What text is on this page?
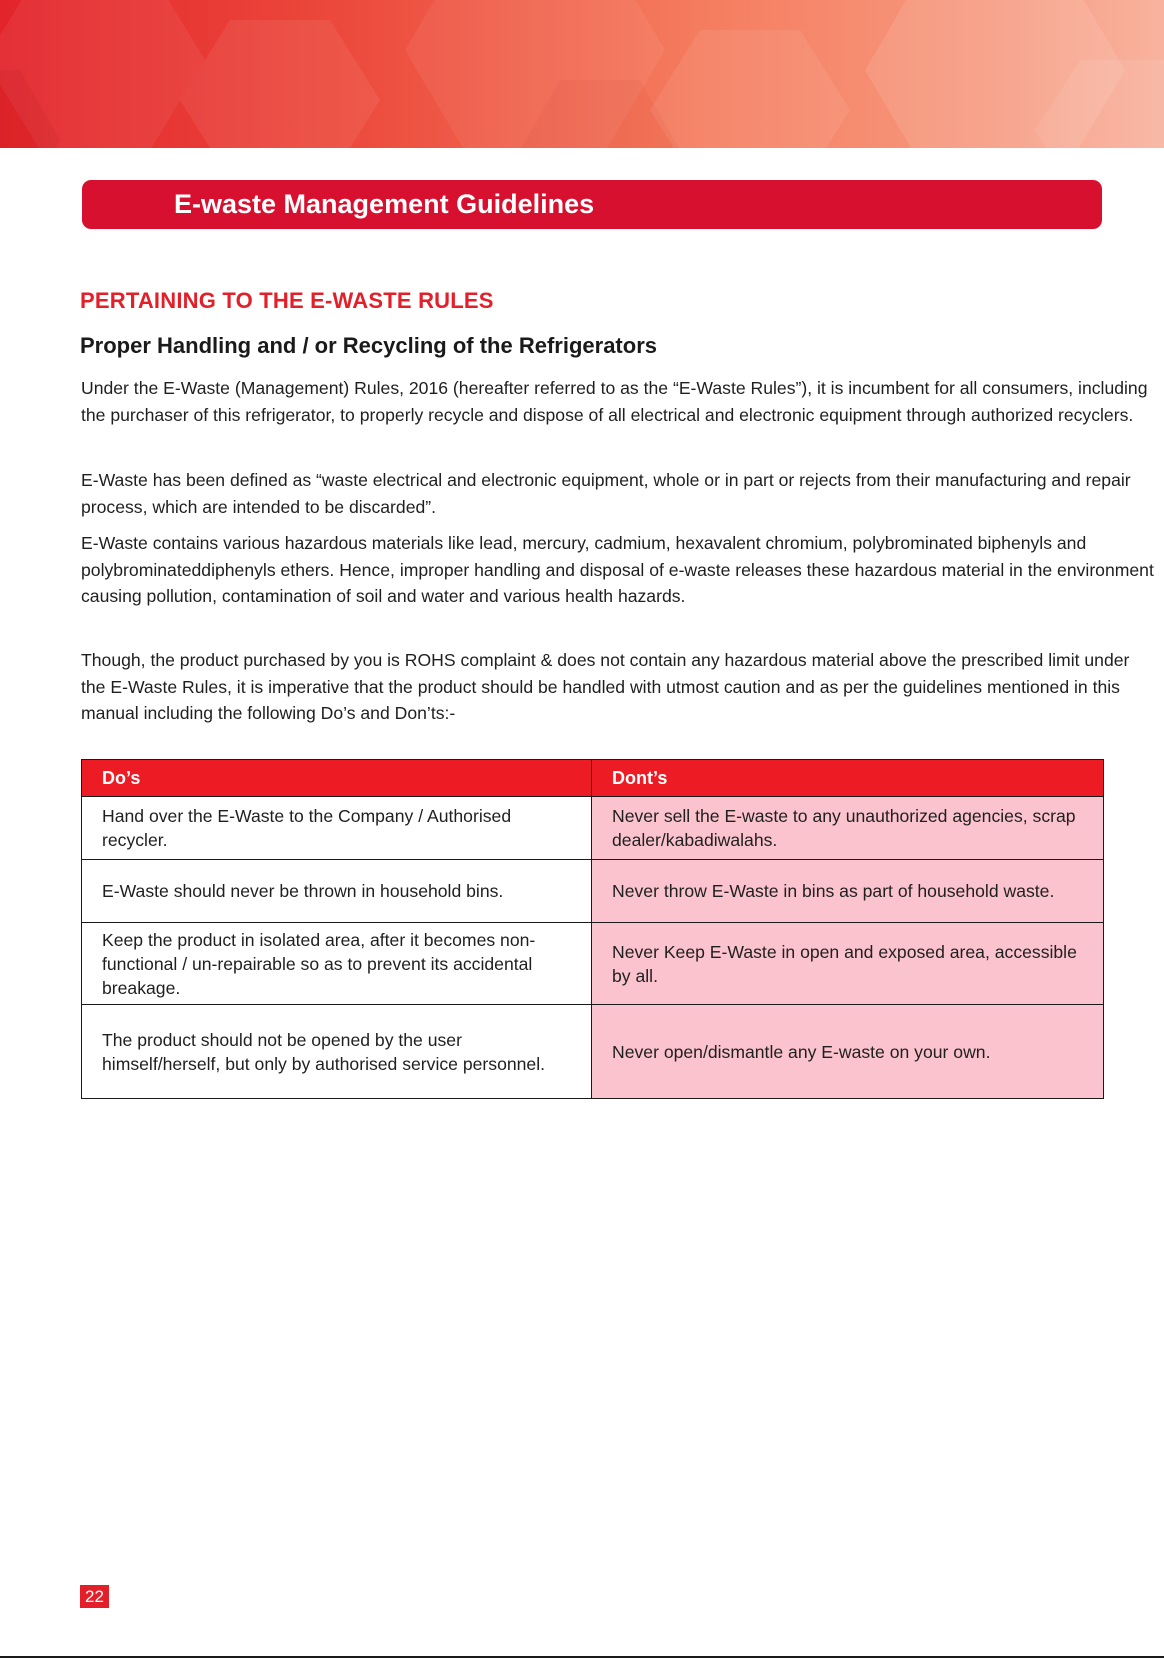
E-waste Management Guidelines
PERTAINING TO THE E-WASTE RULES
Proper Handling and / or Recycling of the Refrigerators

Under the E-Waste (Management) Rules, 2016 (hereafter referred to as the “E-Waste Rules”), it is incumbent for all consumers, including the purchaser of this refrigerator, to properly recycle and dispose of all electrical and electronic equipment through authorized recyclers.

E-Waste has been defined as “waste electrical and electronic equipment, whole or in part or rejects from their manufacturing and repair process, which are intended to be discarded”.

E-Waste contains various hazardous materials like lead, mercury, cadmium, hexavalent chromium, polybrominated biphenyls and polybrominateddiphenyls ethers. Hence, improper handling and disposal of e-waste releases these hazardous material in the environment causing pollution, contamination of soil and water and various health hazards.

Though, the product purchased by you is ROHS complaint & does not contain any hazardous material above the prescribed limit under the E-Waste Rules, it is imperative that the product should be handled with utmost caution and as per the guidelines mentioned in this manual including the following Do’s and Don’ts:-

Do’s	Dont’s
Hand over the E-Waste to the Company / Authorised recycler.	Never sell the E-waste to any unauthorized agencies, scrap dealer/kabadiwalahs.
E-Waste should never be thrown in household bins.	Never throw E-Waste in bins as part of household waste.
Keep the product in isolated area, after it becomes non-functional / un-repairable so as to prevent its accidental breakage.	Never Keep E-Waste in open and exposed area, accessible by all.
The product should not be opened by the user himself/herself, but only by authorised service personnel.	Never open/dismantle any E-waste on your own.
22
